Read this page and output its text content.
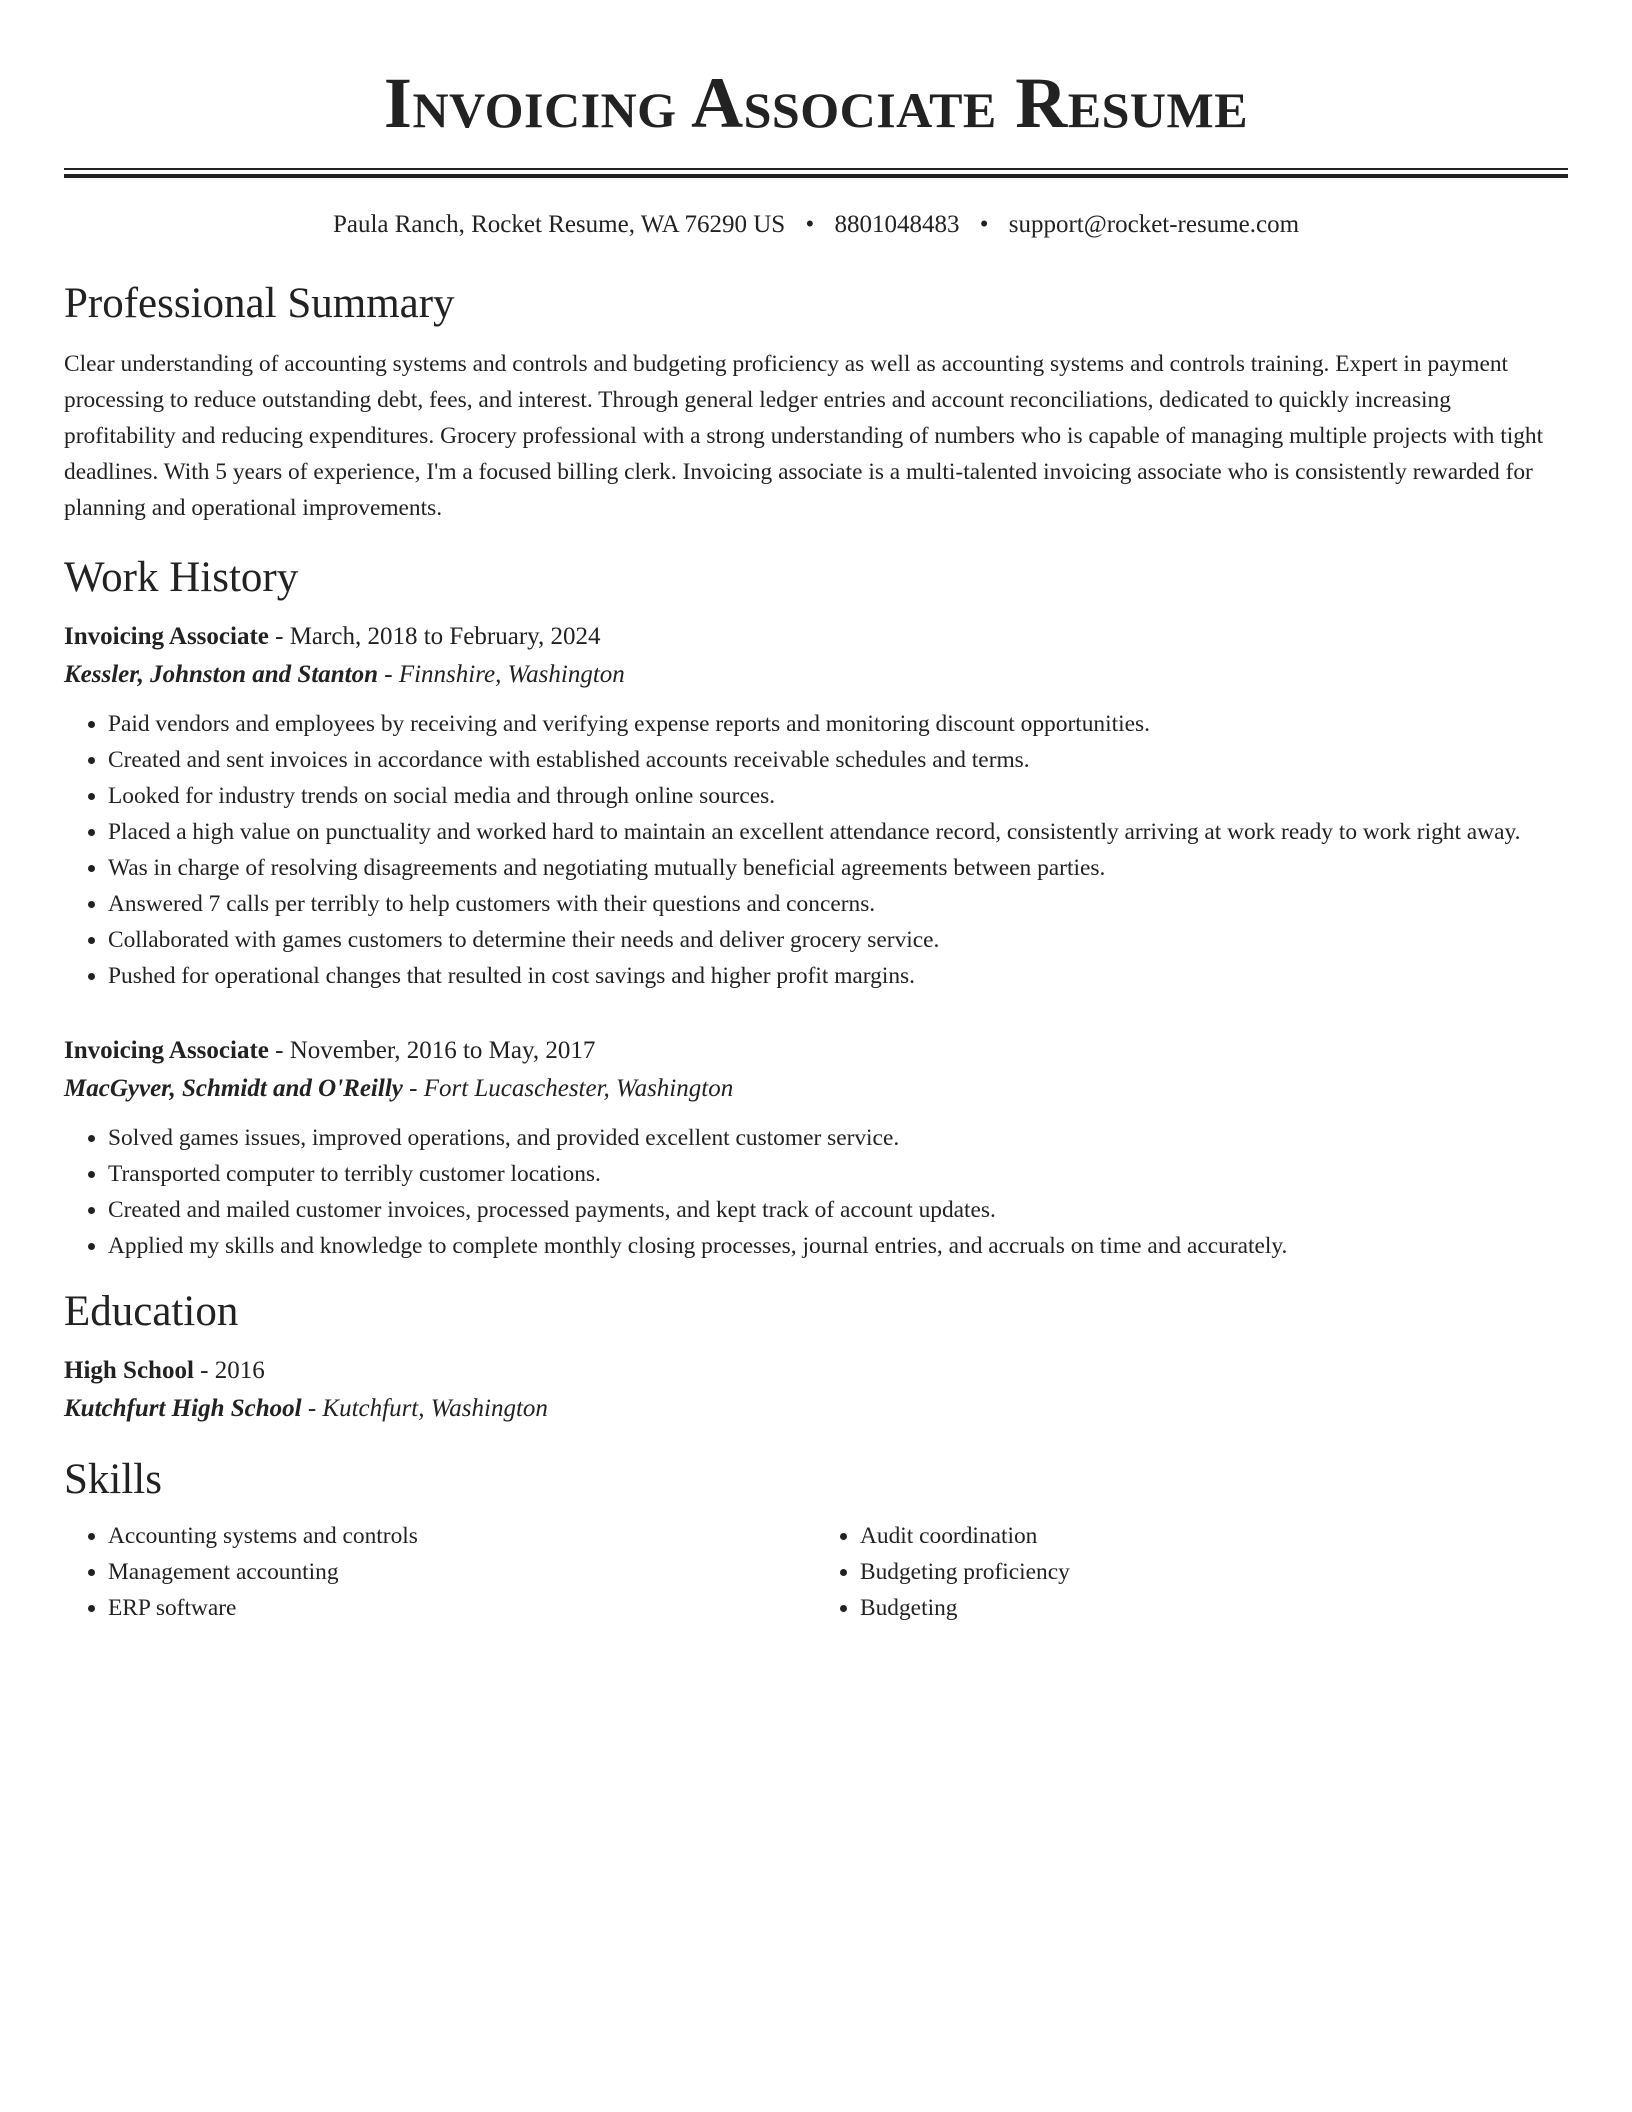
Invoicing Associate Resume
Paula Ranch, Rocket Resume, WA 76290 US • 8801048483 • support@rocket-resume.com
Professional Summary

Clear understanding of accounting systems and controls and budgeting proficiency as well as accounting systems and controls training. Expert in payment processing to reduce outstanding debt, fees, and interest. Through general ledger entries and account reconciliations, dedicated to quickly increasing profitability and reducing expenditures. Grocery professional with a strong understanding of numbers who is capable of managing multiple projects with tight deadlines. With 5 years of experience, I'm a focused billing clerk. Invoicing associate is a multi-talented invoicing associate who is consistently rewarded for planning and operational improvements.

Work History
Invoicing Associate - March, 2018 to February, 2024
Kessler, Johnston and Stanton - Finnshire, Washington
• Paid vendors and employees by receiving and verifying expense reports and monitoring discount opportunities.
• Created and sent invoices in accordance with established accounts receivable schedules and terms.
• Looked for industry trends on social media and through online sources.
• Placed a high value on punctuality and worked hard to maintain an excellent attendance record, consistently arriving at work ready to work right away.
• Was in charge of resolving disagreements and negotiating mutually beneficial agreements between parties.
• Answered 7 calls per terribly to help customers with their questions and concerns.
• Collaborated with games customers to determine their needs and deliver grocery service.
• Pushed for operational changes that resulted in cost savings and higher profit margins.
Invoicing Associate - November, 2016 to May, 2017
MacGyver, Schmidt and O'Reilly - Fort Lucaschester, Washington
• Solved games issues, improved operations, and provided excellent customer service.
• Transported computer to terribly customer locations.
• Created and mailed customer invoices, processed payments, and kept track of account updates.
• Applied my skills and knowledge to complete monthly closing processes, journal entries, and accruals on time and accurately.
Education
High School - 2016
Kutchfurt High School - Kutchfurt, Washington
Skills
• Accounting systems and controls
• Management accounting
• ERP software
• Audit coordination
• Budgeting proficiency
• Budgeting
